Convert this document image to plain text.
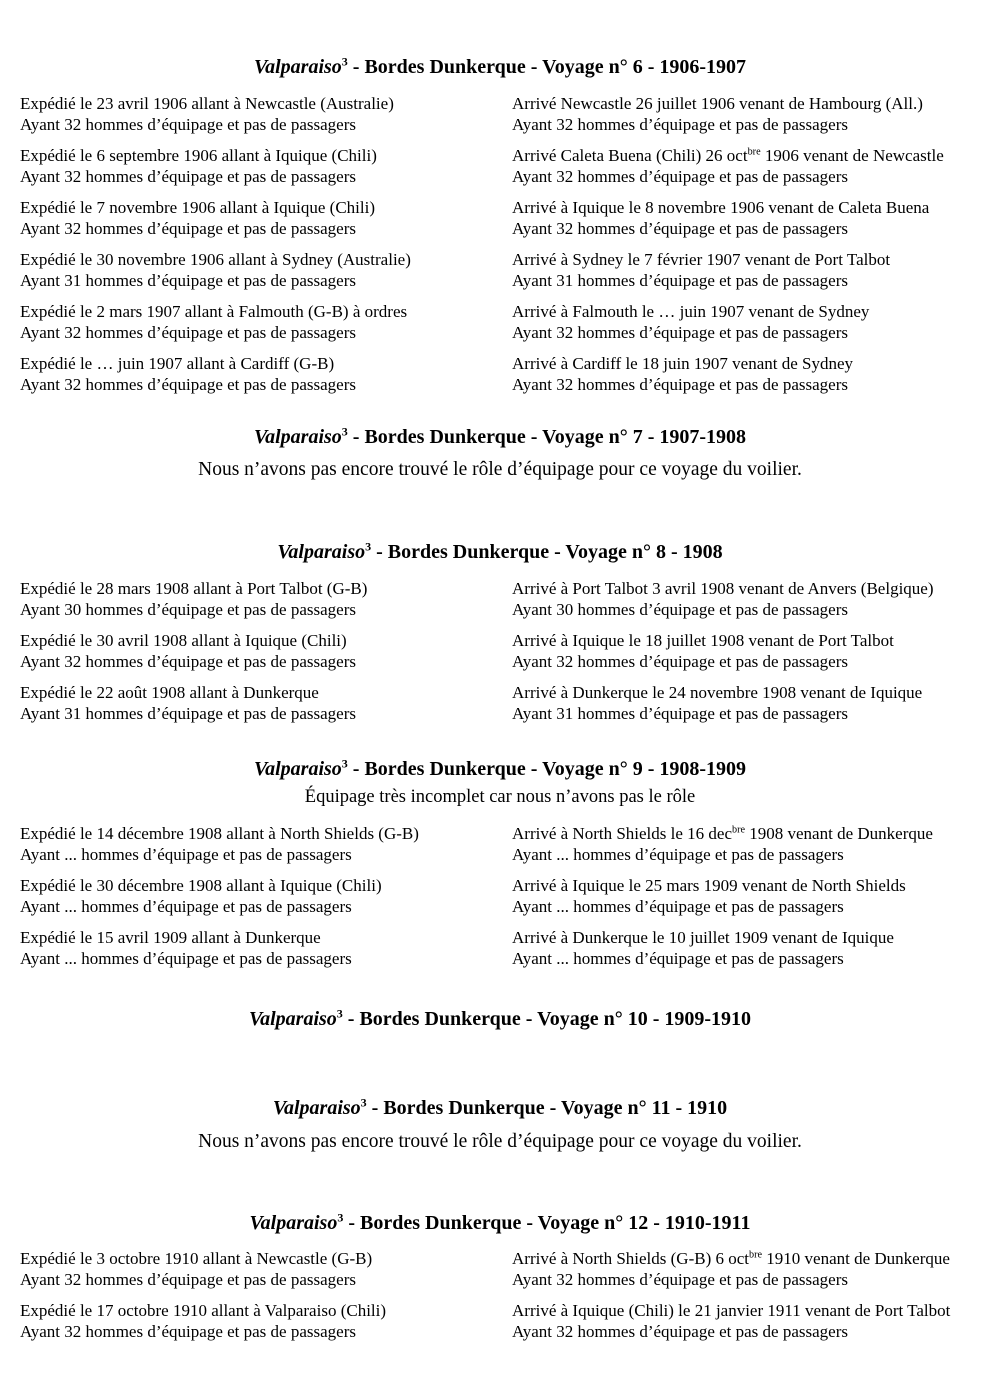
Valparaiso$^3$ - Bordes Dunkerque - Voyage n° 6 - 1906-1907

Expédié le 23 avril 1906 allant à Newcastle (Australie)

Ayant 32 hommes d’équipage et pas de passagers

Arrivé Newcastle 26 juillet 1906 venant de Hambourg (All.)

Ayant 32 hommes d’équipage et pas de passagers

Expédié le 6 septembre 1906 allant à Iquique (Chili)

Ayant 32 hommes d’équipage et pas de passagers

Arrivé Caleta Buena (Chili) 26 oct$^{bre}$ 1906 venant de Newcastle

Ayant 32 hommes d’équipage et pas de passagers

Expédié le 7 novembre 1906 allant à Iquique (Chili)

Ayant 32 hommes d’équipage et pas de passagers

Arrivé à Iquique le 8 novembre 1906 venant de Caleta Buena

Ayant 32 hommes d’équipage et pas de passagers

Expédié le 30 novembre 1906 allant à Sydney (Australie)

Ayant 31 hommes d’équipage et pas de passagers

Arrivé à Sydney le 7 février 1907 venant de Port Talbot

Ayant 31 hommes d’équipage et pas de passagers

Expédié le 2 mars 1907 allant à Falmouth (G-B) à ordres

Ayant 32 hommes d’équipage et pas de passagers

Arrivé à Falmouth le … juin 1907 venant de Sydney

Ayant 32 hommes d’équipage et pas de passagers

Expédié le … juin 1907 allant à Cardiff (G-B)

Ayant 32 hommes d’équipage et pas de passagers

Arrivé à Cardiff le 18 juin 1907 venant de Sydney

Ayant 32 hommes d’équipage et pas de passagers

Valparaiso$^3$ - Bordes Dunkerque - Voyage n° 7 - 1907-1908

Nous n’avons pas encore trouvé le rôle d’équipage pour ce voyage du voilier.

Valparaiso$^3$ - Bordes Dunkerque - Voyage n° 8 - 1908

Expédié le 28 mars 1908 allant à Port Talbot (G-B)

Ayant 30 hommes d’équipage et pas de passagers

Arrivé à Port Talbot 3 avril 1908 venant de Anvers (Belgique)

Ayant 30 hommes d’équipage et pas de passagers

Expédié le 30 avril 1908 allant à Iquique (Chili)

Ayant 32 hommes d’équipage et pas de passagers

Arrivé à Iquique le 18 juillet 1908 venant de Port Talbot

Ayant 32 hommes d’équipage et pas de passagers

Expédié le 22 août 1908 allant à Dunkerque

Ayant 31 hommes d’équipage et pas de passagers

Arrivé à Dunkerque le 24 novembre 1908 venant de Iquique

Ayant 31 hommes d’équipage et pas de passagers

Valparaiso$^3$ - Bordes Dunkerque - Voyage n° 9 - 1908-1909

Équipage très incomplet car nous n’avons pas le rôle

Expédié le 14 décembre 1908 allant à North Shields (G-B)

Ayant ... hommes d’équipage et pas de passagers

Arrivé à North Shields le 16 dec$^{bre}$ 1908 venant de Dunkerque

Ayant ... hommes d’équipage et pas de passagers

Expédié le 30 décembre 1908 allant à Iquique (Chili)

Ayant ... hommes d’équipage et pas de passagers

Arrivé à Iquique le 25 mars 1909 venant de North Shields

Ayant ... hommes d’équipage et pas de passagers

Expédié le 15 avril 1909 allant à Dunkerque

Ayant ... hommes d’équipage et pas de passagers

Arrivé à Dunkerque le 10 juillet 1909 venant de Iquique

Ayant ... hommes d’équipage et pas de passagers

Valparaiso$^3$ - Bordes Dunkerque - Voyage n° 10 - 1909-1910
Valparaiso$^3$ - Bordes Dunkerque - Voyage n° 11 - 1910

Nous n’avons pas encore trouvé le rôle d’équipage pour ce voyage du voilier.

Valparaiso$^3$ - Bordes Dunkerque - Voyage n° 12 - 1910-1911

Expédié le 3 octobre 1910 allant à Newcastle (G-B)

Ayant 32 hommes d’équipage et pas de passagers

Arrivé à North Shields (G-B) 6 oct$^{bre}$ 1910 venant de Dunkerque

Ayant 32 hommes d’équipage et pas de passagers

Expédié le 17 octobre 1910 allant à Valparaiso (Chili)

Ayant 32 hommes d’équipage et pas de passagers

Arrivé à Iquique (Chili) le 21 janvier 1911 venant de Port Talbot

Ayant 32 hommes d’équipage et pas de passagers
